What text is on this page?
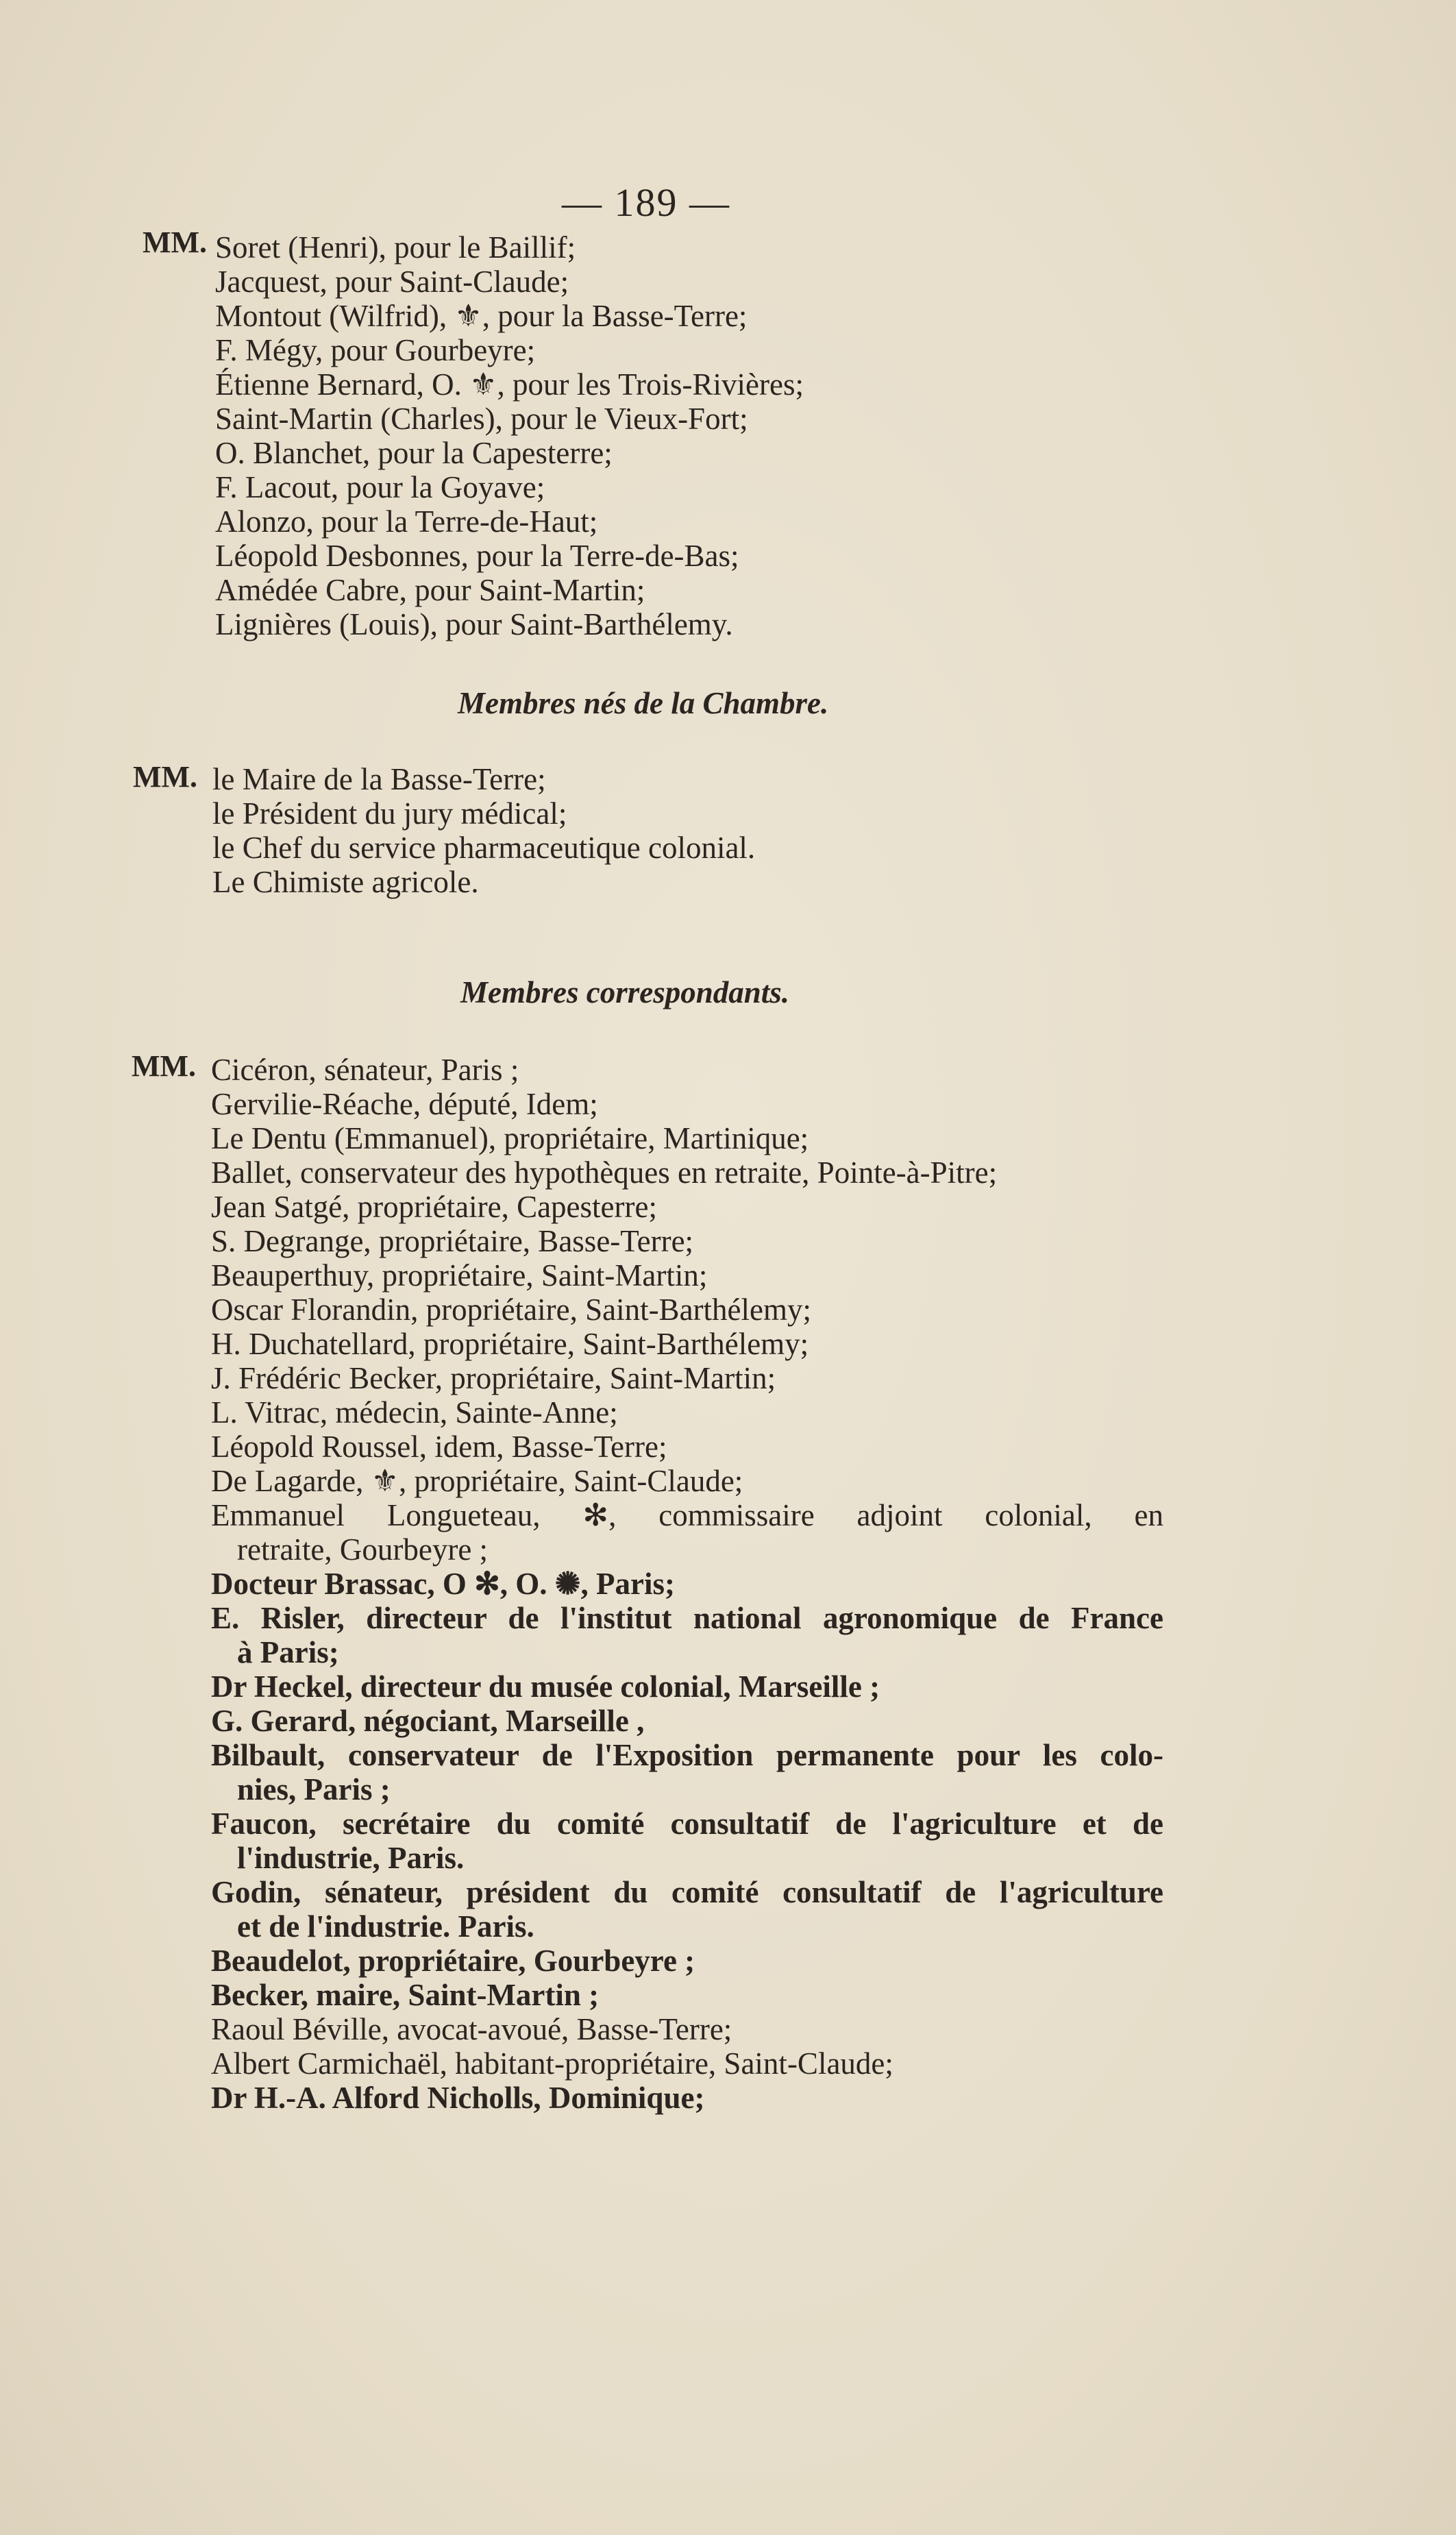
— 189 —
MM. Soret (Henri), pour le Baillif;
Jacquest, pour Saint-Claude;
Montout (Wilfrid), ⚜, pour la Basse-Terre;
F. Mégy, pour Gourbeyre;
Étienne Bernard, O. ⚜, pour les Trois-Rivières;
Saint-Martin (Charles), pour le Vieux-Fort;
O. Blanchet, pour la Capesterre;
F. Lacout, pour la Goyave;
Alonzo, pour la Terre-de-Haut;
Léopold Desbonnes, pour la Terre-de-Bas;
Amédée Cabre, pour Saint-Martin;
Lignières (Louis), pour Saint-Barthélemy.
Membres nés de la Chambre.
MM. le Maire de la Basse-Terre;
le Président du jury médical;
le Chef du service pharmaceutique colonial.
Le Chimiste agricole.
Membres correspondants.
MM. Cicéron, sénateur, Paris ;
Gervilie-Réache, député, Idem;
Le Dentu (Emmanuel), propriétaire, Martinique;
Ballet, conservateur des hypothèques en retraite, Pointe-à-Pitre;
Jean Satgé, propriétaire, Capesterre;
S. Degrange, propriétaire, Basse-Terre;
Beauperthuy, propriétaire, Saint-Martin;
Oscar Florandin, propriétaire, Saint-Barthélemy;
H. Duchatellard, propriétaire, Saint-Barthélemy;
J. Frédéric Becker, propriétaire, Saint-Martin;
L. Vitrac, médecin, Sainte-Anne;
Léopold Roussel, idem, Basse-Terre;
De Lagarde, ⚜, propriétaire, Saint-Claude;
Emmanuel Longueteau, ✻, commissaire adjoint colonial, en
retraite, Gourbeyre ;
Docteur Brassac, O ✻, O. ✺, Paris;
E. Risler, directeur de l'institut national agronomique de France
à Paris;
Dr Heckel, directeur du musée colonial, Marseille ;
G. Gerard, négociant, Marseille ,
Bilbault, conservateur de l'Exposition permanente pour les colo-
nies, Paris ;
Faucon, secrétaire du comité consultatif de l'agriculture et de
l'industrie, Paris.
Godin, sénateur, président du comité consultatif de l'agriculture
et de l'industrie. Paris.
Beaudelot, propriétaire, Gourbeyre ;
Becker, maire, Saint-Martin ;
Raoul Béville, avocat-avoué, Basse-Terre;
Albert Carmichaël, habitant-propriétaire, Saint-Claude;
Dr H.-A. Alford Nicholls, Dominique;
